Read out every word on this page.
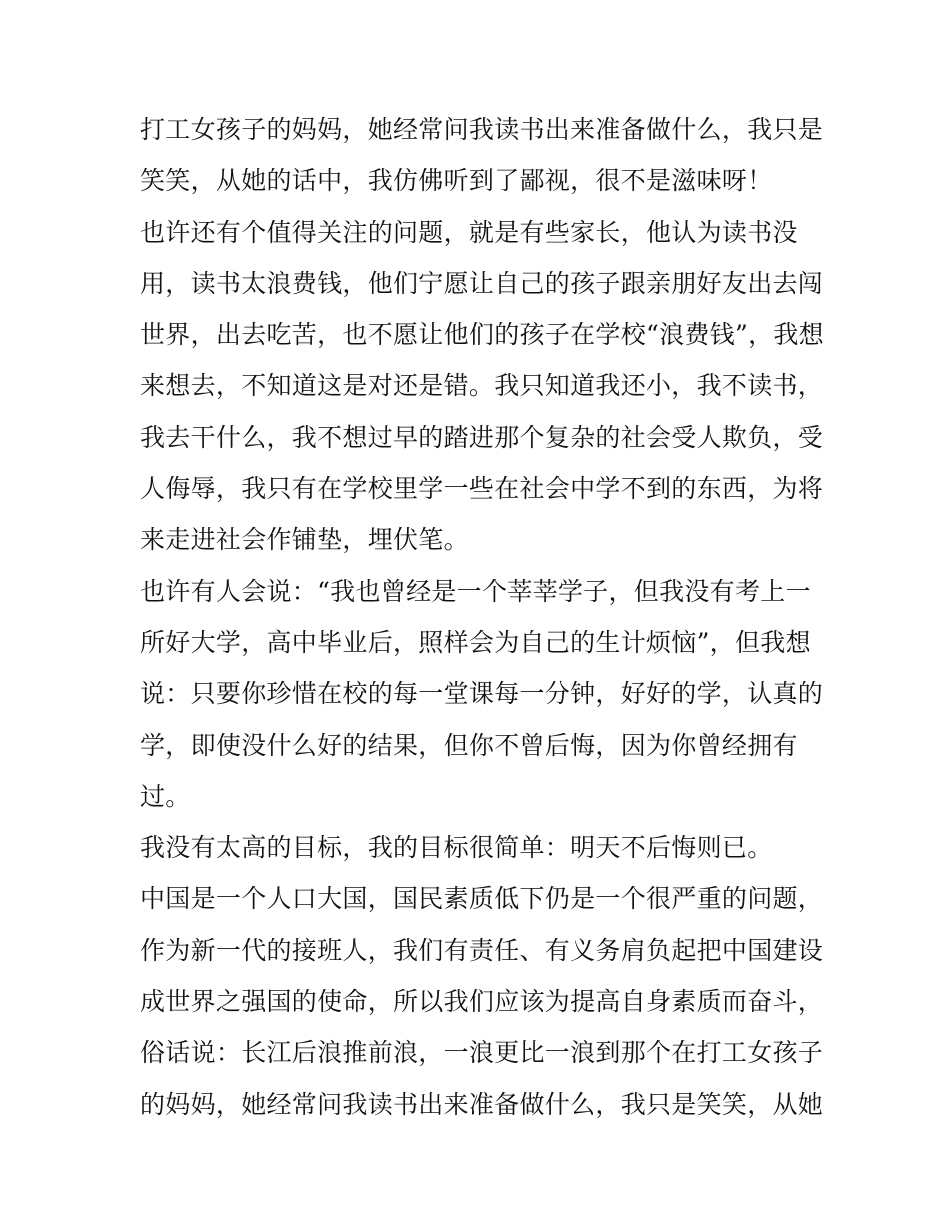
打工女孩子的妈妈，她经常问我读书出来准备做什么，我只是
笑笑，从她的话中，我仿佛听到了鄙视，很不是滋味呀！
也许还有个值得关注的问题，就是有些家长，他认为读书没
用，读书太浪费钱，他们宁愿让自己的孩子跟亲朋好友出去闯
世界，出去吃苦，也不愿让他们的孩子在学校“浪费钱”，我想
来想去，不知道这是对还是错。我只知道我还小，我不读书，
我去干什么，我不想过早的踏进那个复杂的社会受人欺负，受
人侮辱，我只有在学校里学一些在社会中学不到的东西，为将
来走进社会作铺垫，埋伏笔。
也许有人会说：“我也曾经是一个莘莘学子，但我没有考上一
所好大学，高中毕业后，照样会为自己的生计烦恼”，但我想
说：只要你珍惜在校的每一堂课每一分钟，好好的学，认真的
学，即使没什么好的结果，但你不曾后悔，因为你曾经拥有
过。
我没有太高的目标，我的目标很简单：明天不后悔则已。
中国是一个人口大国，国民素质低下仍是一个很严重的问题，
作为新一代的接班人，我们有责任、有义务肩负起把中国建设
成世界之强国的使命，所以我们应该为提高自身素质而奋斗，
俗话说：长江后浪推前浪，一浪更比一浪到那个在打工女孩子
的妈妈，她经常问我读书出来准备做什么，我只是笑笑，从她
